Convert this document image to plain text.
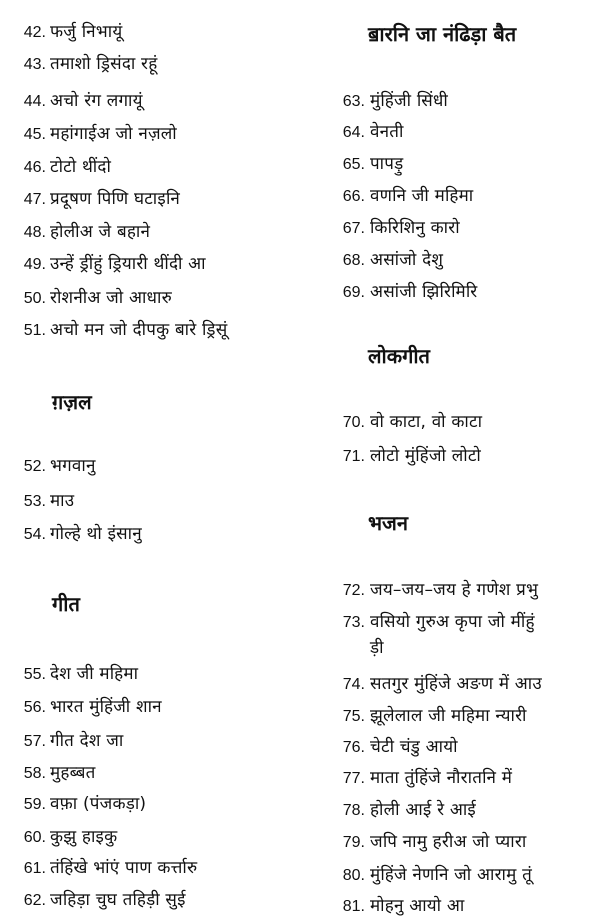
42. फर्जु निभायूं
43. तमाशो ड्रिसंदा रहूं
44. अचो रंग लगायूं
45. महांगाईअ जो नज़लो
46. टोटो थींदो
47. प्रदूषण पिणि घटाइनि
48. होलीअ जे बहाने
49. उन्हें ड्रींहुं ड्रियारी थींदी आ
50. रोशनीअ जो आधारु
51. अचो मन जो दीपकु बारे ड्रिसूं
ग़ज़ल
52. भगवानु
53. माउ
54. गोल्हे थो इंसानु
गीत
55. देश जी महिमा
56. भारत मुंहिंजी शान
57. गीत देश जा
58. मुहब्बत
59. वफ़ा (पंजकड़ा)
60. कुझु हाइकु
61. तंहिंखे भांएं पाण कर्त्तारु
62. जहिड़ा चुघ तहिड़ी सुई
ॿारनि जा नंढिड़ा बैत
63. मुंहिंजी सिंधी
64. वेनती
65. पापड़ु
66. वणनि जी महिमा
67. किरिशिनु कारो
68. असांजो देशु
69. असांजी झिरिमिरि
लोकगीत
70. वो काटा, वो काटा
71. लोटो मुंहिंजो लोटो
भजन
72. जय–जय–जय हे गणेश प्रभु
73. वसियो गुरुअ कृपा जो मींहुं
ड़ी
74. सतगुर मुंहिंजे अङण में आउ
75. झूलेलाल जी महिमा न्यारी
76. चेटी चंडु आयो
77. माता तुंहिंजे नौरातनि में
78. होली आई रे आई
79. जपि नामु हरीअ जो प्यारा
80. मुंहिंजे नेणनि जो आरामु तूं
81. मोहनु आयो आ
